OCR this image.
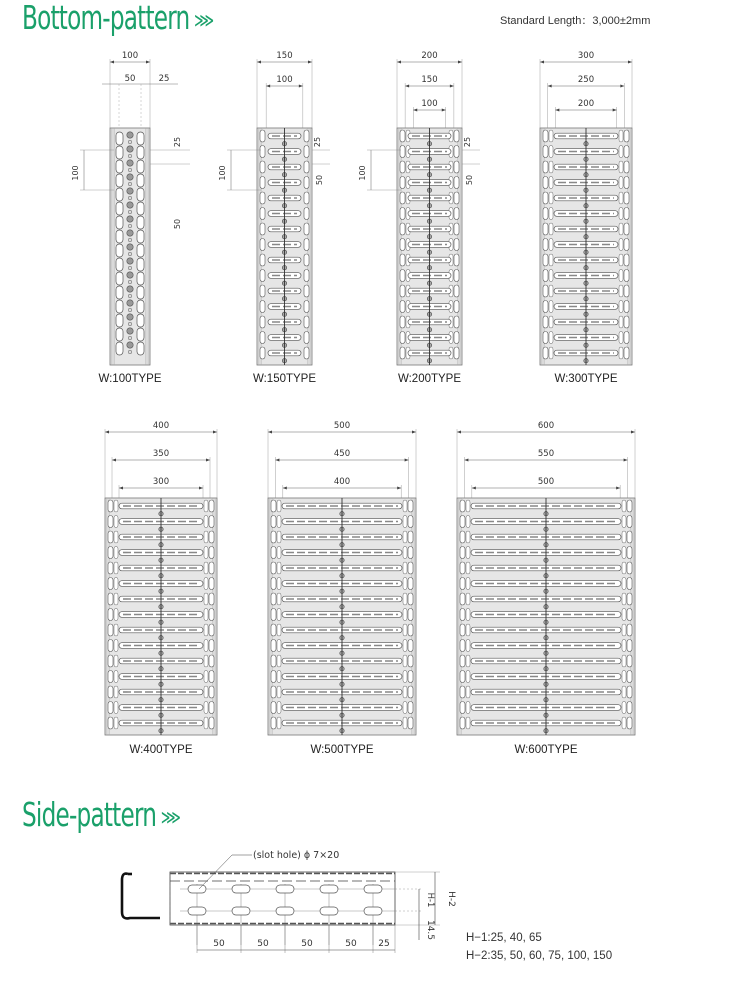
Bottom-pattern ⋙	Standard Length：3,000±2mm
100
50	25
25
100
50
150
100
25
100	50
200
150
100
25
100	50
300
250
200
400
350
300
500
450
400
600
550
500
(slot hole) ϕ 7×20
50	50	50	50 25
H-2
H-1
14.5
W:100TYPE	W:150TYPE	W:200TYPE	W:300TYPE
W:400TYPE	W:500TYPE	W:600TYPE
Side-pattern ⋙
H−1:25, 40, 65
H−2:35, 50, 60, 75, 100, 150
